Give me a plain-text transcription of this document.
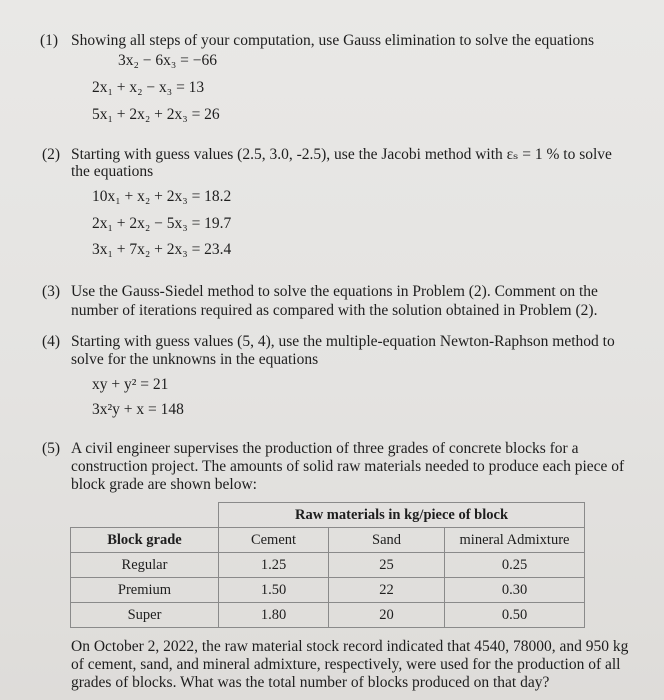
(1) Showing all steps of your computation, use Gauss elimination to solve the equations
3x₂ − 6x₃ = −66
2x₁ + x₂ − x₃ = 13
5x₁ + 2x₂ + 2x₃ = 26
(2) Starting with guess values (2.5, 3.0, -2.5), use the Jacobi method with εₛ = 1 % to solve
the equations
10x₁ + x₂ + 2x₃ = 18.2
2x₁ + 2x₂ − 5x₃ = 19.7
3x₁ + 7x₂ + 2x₃ = 23.4
(3) Use the Gauss-Siedel method to solve the equations in Problem (2). Comment on the
number of iterations required as compared with the solution obtained in Problem (2).
(4) Starting with guess values (5, 4), use the multiple-equation Newton-Raphson method to
solve for the unknowns in the equations
xy + y² = 21
3x²y + x = 148
(5) A civil engineer supervises the production of three grades of concrete blocks for a
construction project. The amounts of solid raw materials needed to produce each piece of
block grade are shown below:
	Raw materials in kg/piece of block		
Block grade	Cement	Sand	mineral Admixture
Regular	1.25	25	0.25
Premium	1.50	22	0.30
Super	1.80	20	0.50
On October 2, 2022, the raw material stock record indicated that 4540, 78000, and 950 kg
of cement, sand, and mineral admixture, respectively, were used for the production of all
grades of blocks. What was the total number of blocks produced on that day?
